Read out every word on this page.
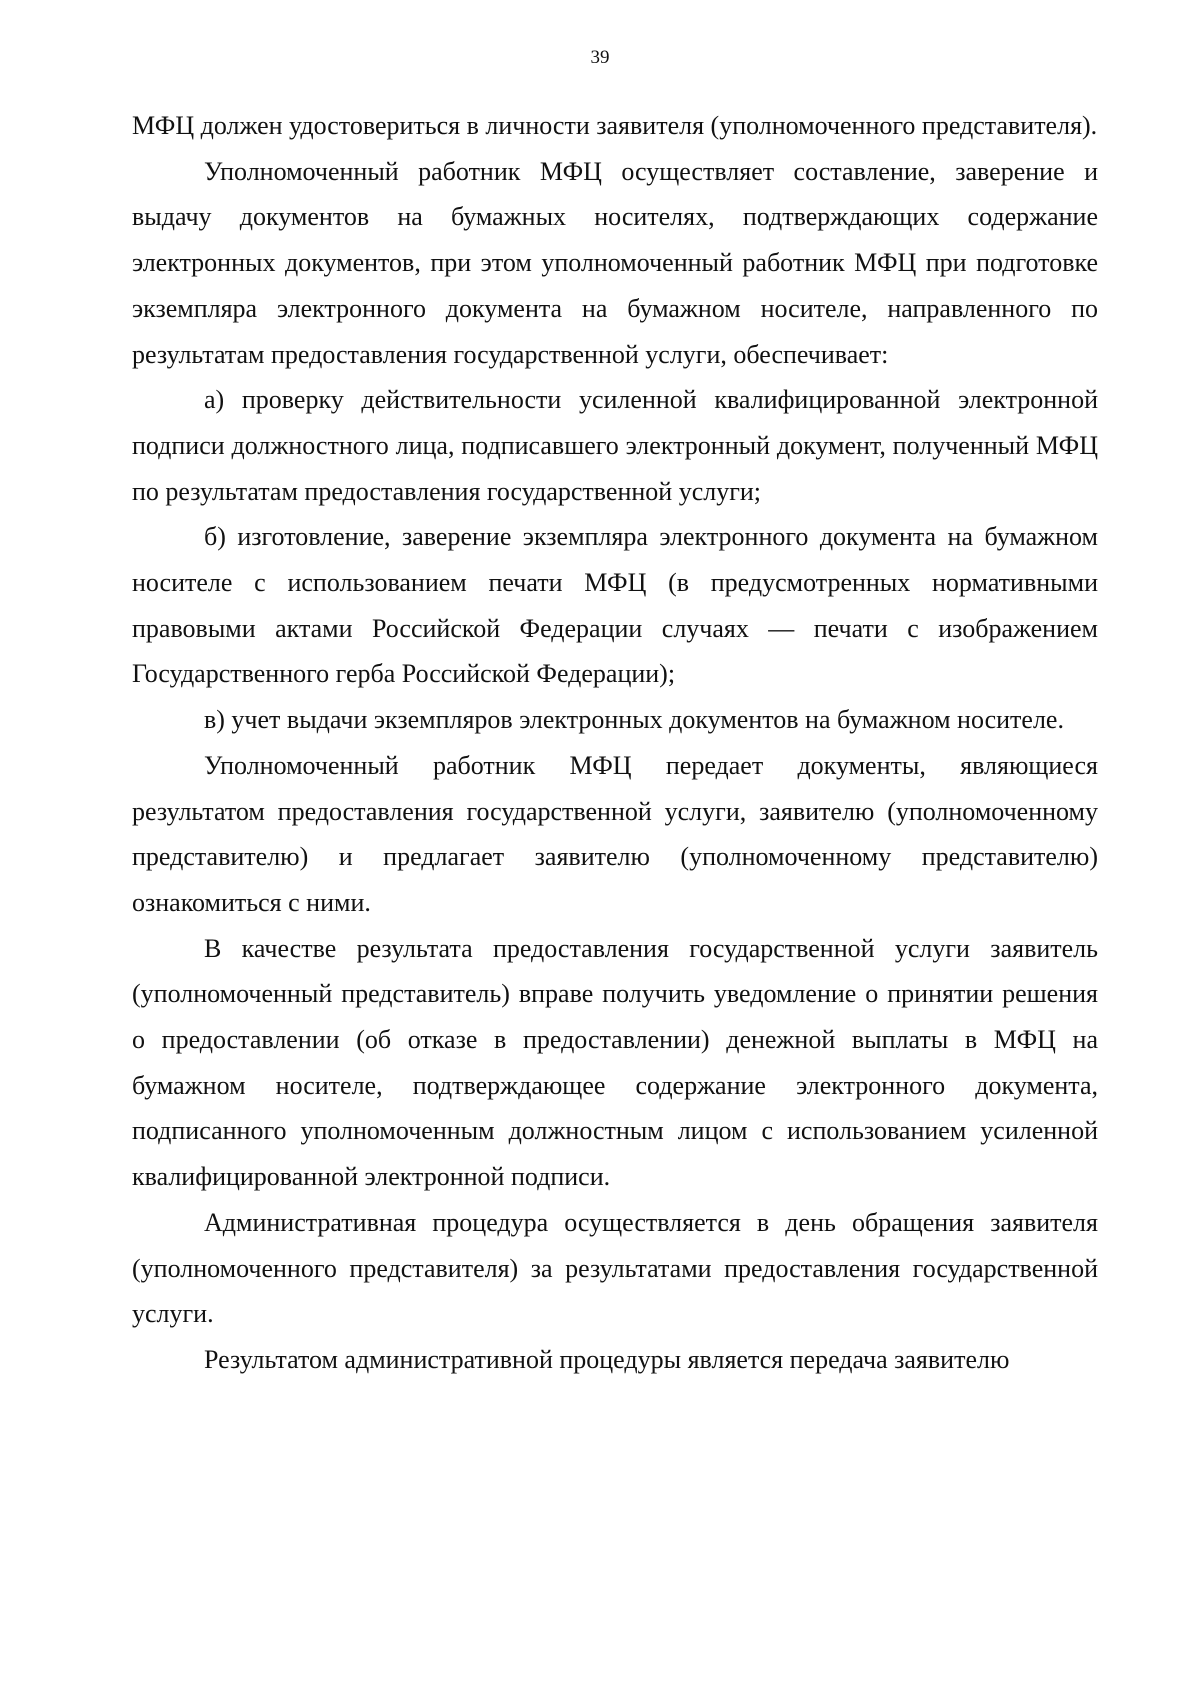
39

МФЦ должен удостовериться в личности заявителя (уполномоченного представителя).

Уполномоченный работник МФЦ осуществляет составление, заверение и выдачу документов на бумажных носителях, подтверждающих содержание электронных документов, при этом уполномоченный работник МФЦ при подготовке экземпляра электронного документа на бумажном носителе, направленного по результатам предоставления государственной услуги, обеспечивает:

а) проверку действительности усиленной квалифицированной электронной подписи должностного лица, подписавшего электронный документ, полученный МФЦ по результатам предоставления государственной услуги;

б) изготовление, заверение экземпляра электронного документа на бумажном носителе с использованием печати МФЦ (в предусмотренных нормативными правовыми актами Российской Федерации случаях — печати с изображением Государственного герба Российской Федерации);

в) учет выдачи экземпляров электронных документов на бумажном носителе.

Уполномоченный работник МФЦ передает документы, являющиеся результатом предоставления государственной услуги, заявителю (уполномоченному представителю) и предлагает заявителю (уполномоченному представителю) ознакомиться с ними.

В качестве результата предоставления государственной услуги заявитель (уполномоченный представитель) вправе получить уведомление о принятии решения о предоставлении (об отказе в предоставлении) денежной выплаты в МФЦ на бумажном носителе, подтверждающее содержание электронного документа, подписанного уполномоченным должностным лицом с использованием усиленной квалифицированной электронной подписи.

Административная процедура осуществляется в день обращения заявителя (уполномоченного представителя) за результатами предоставления государственной услуги.

Результатом административной процедуры является передача заявителю
